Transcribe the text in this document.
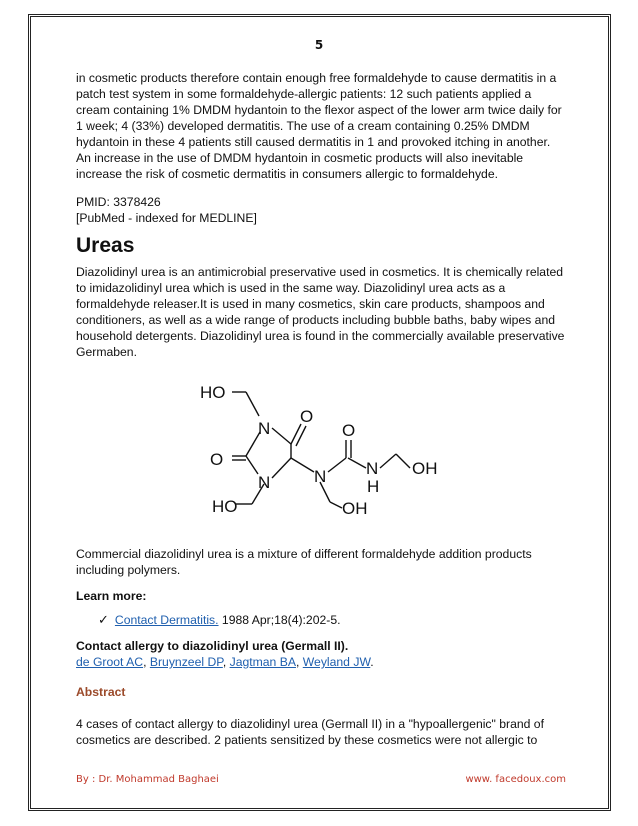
5

in cosmetic products therefore contain enough free formaldehyde to cause dermatitis in a patch test system in some formaldehyde-allergic patients: 12 such patients applied a cream containing 1% DMDM hydantoin to the flexor aspect of the lower arm twice daily for 1 week; 4 (33%) developed dermatitis. The use of a cream containing 0.25% DMDM hydantoin in these 4 patients still caused dermatitis in 1 and provoked itching in another. An increase in the use of DMDM hydantoin in cosmetic products will also inevitable increase the risk of cosmetic dermatitis in consumers allergic to formaldehyde.

PMID: 3378426

[PubMed - indexed for MEDLINE]

Ureas

Diazolidinyl urea is an antimicrobial preservative used in cosmetics. It is chemically related to imidazolidinyl urea which is used in the same way. Diazolidinyl urea acts as a formaldehyde releaser.It is used in many cosmetics, skin care products, shampoos and conditioners, as well as a wide range of products including bubble baths, baby wipes and household detergents. Diazolidinyl urea is found in the commercially available preservative Germaben.

HO
O
N
O
N
HO
N
O
N
H
OH
OH

Commercial diazolidinyl urea is a mixture of different formaldehyde addition products including polymers.

Learn more:

✓ Contact Dermatitis. 1988 Apr;18(4):202-5.

Contact allergy to diazolidinyl urea (Germall II).

de Groot AC, Bruynzeel DP, Jagtman BA, Weyland JW.

Abstract

4 cases of contact allergy to diazolidinyl urea (Germall II) in a "hypoallergenic" brand of cosmetics are described. 2 patients sensitized by these cosmetics were not allergic to

By : Dr. Mohammad Baghaei	www. facedoux.com
